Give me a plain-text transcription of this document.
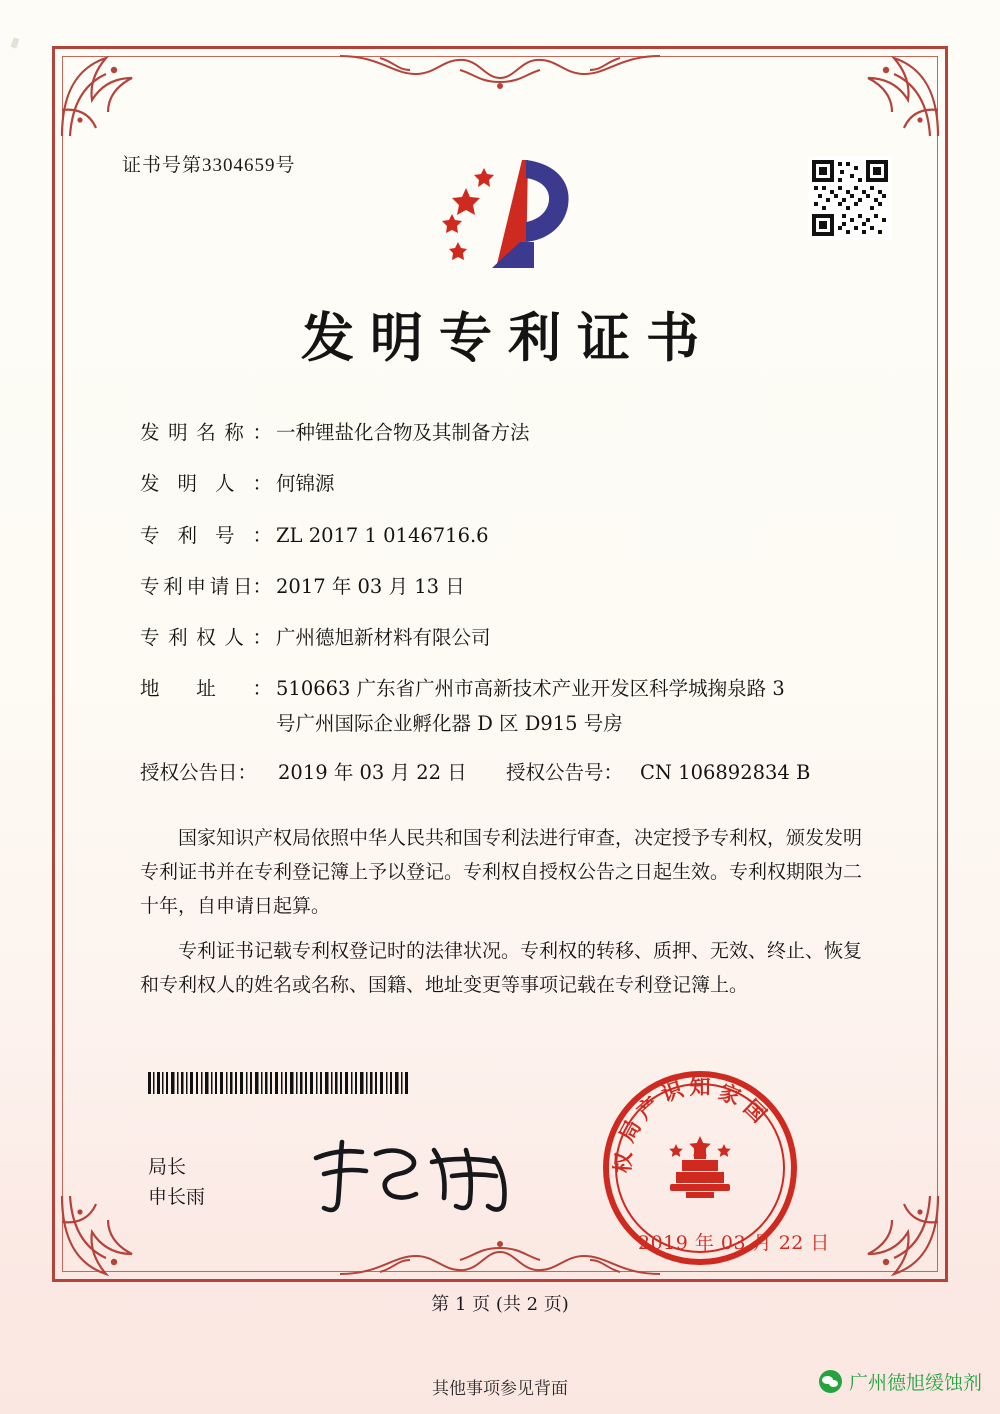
证书号第3304659号
发明专利证书
发 明 名 称 ： 一种锂盐化合物及其制备方法
发 明 人 ： 何锦源
专 利 号 ： ZL 2017 1 0146716.6
专 利 申 请 日： 2017 年 03 月 13 日
专 利 权 人 ： 广州德旭新材料有限公司
地 址 ： 510663 广东省广州市高新技术产业开发区科学城掬泉路 3
号广州国际企业孵化器 D 区 D915 号房
授权公告日：	2019 年 03 月 22 日	授权公告号： CN 106892834 B

国家知识产权局依照中华人民共和国专利法进行审查，决定授予专利权，颁发发明专利证书并在专利登记簿上予以登记。专利权自授权公告之日起生效。专利权期限为二十年，自申请日起算。

专利证书记载专利权登记时的法律状况。专利权的转移、质押、无效、终止、恢复和专利权人的姓名或名称、国籍、地址变更等事项记载在专利登记簿上。

局长
申长雨
局
产
识 知 家
国
权
2019 年 03 月 22 日
第 1 页 (共 2 页)
其他事项参见背面	广州德旭缓蚀剂
